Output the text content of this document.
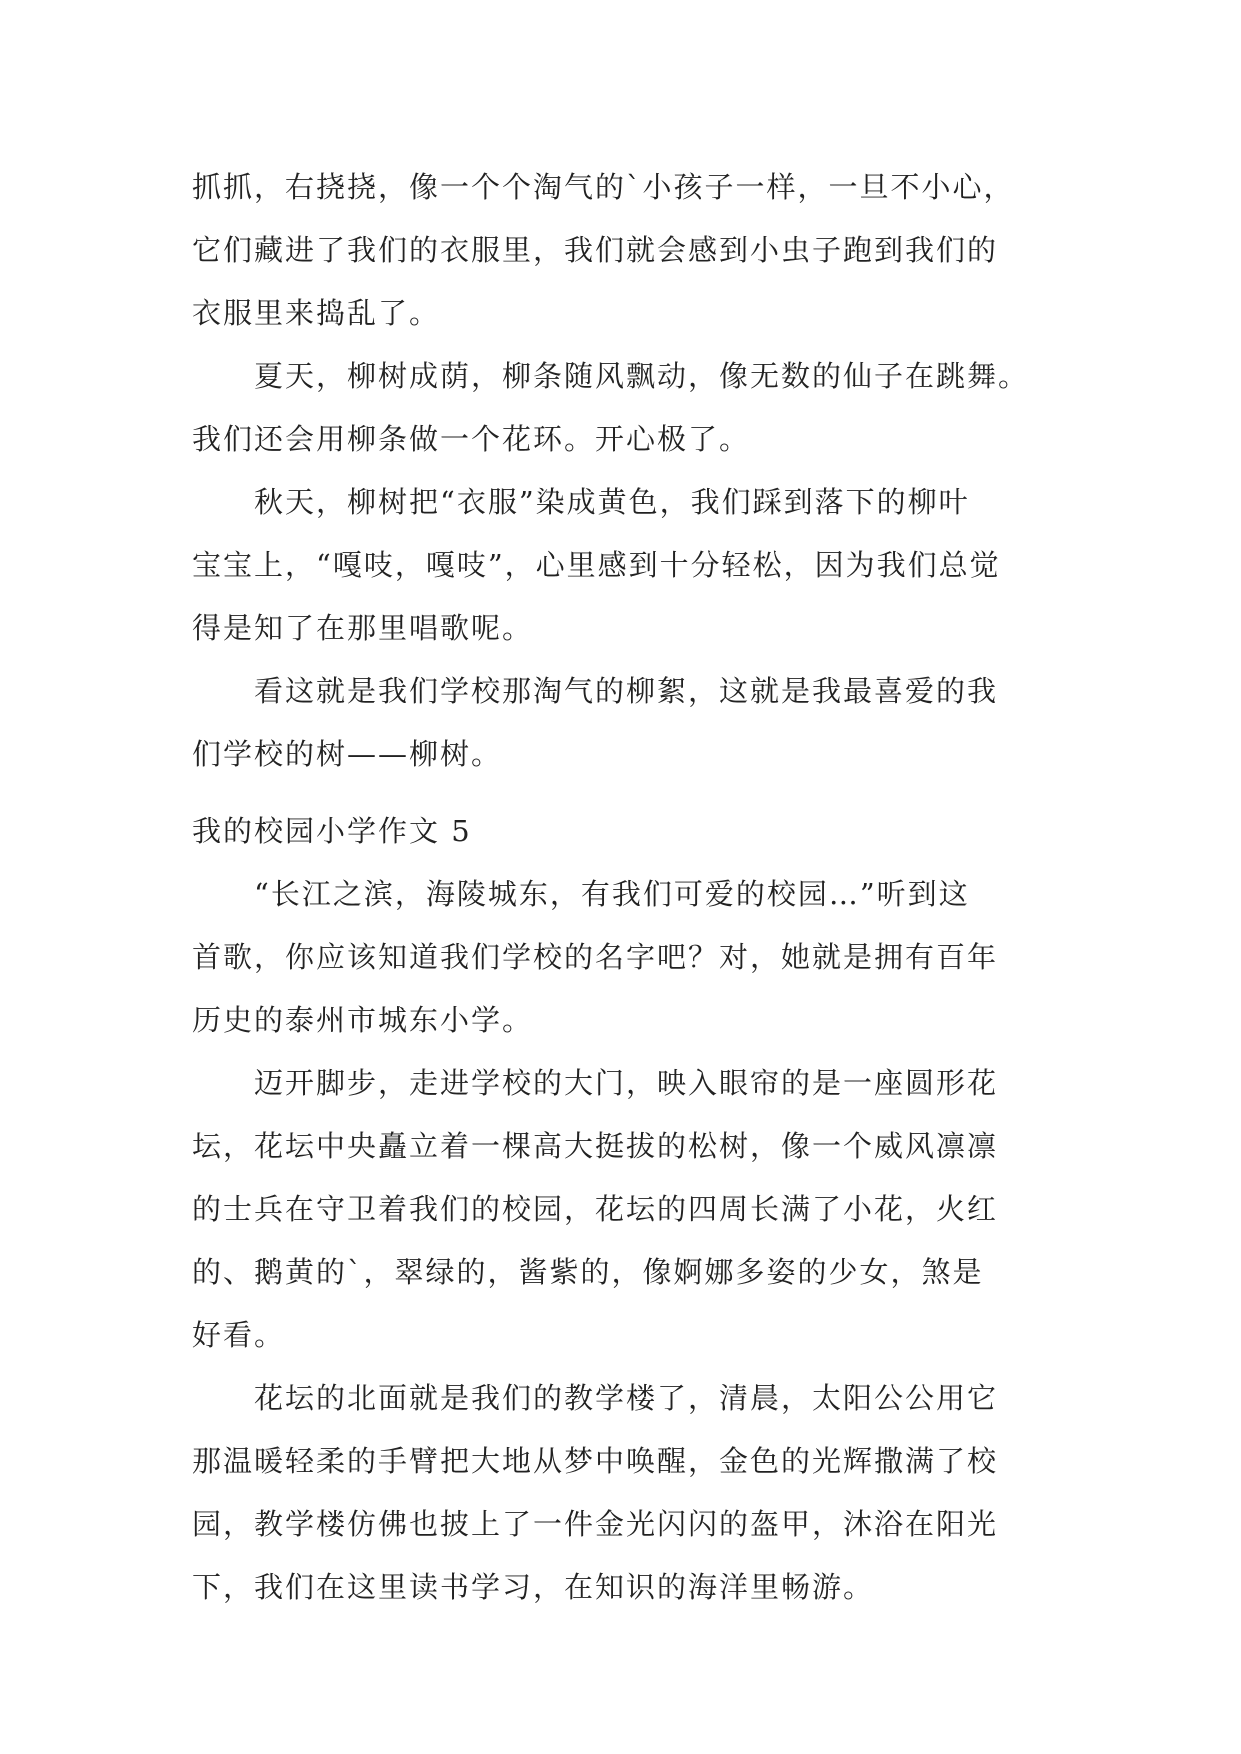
抓抓，右挠挠，像一个个淘气的`小孩子一样，一旦不小心，
它们藏进了我们的衣服里，我们就会感到小虫子跑到我们的
衣服里来捣乱了。
夏天，柳树成荫，柳条随风飘动，像无数的仙子在跳舞。
我们还会用柳条做一个花环。开心极了。
秋天，柳树把“衣服”染成黄色，我们踩到落下的柳叶
宝宝上，“嘎吱，嘎吱”，心里感到十分轻松，因为我们总觉
得是知了在那里唱歌呢。
看这就是我们学校那淘气的柳絮，这就是我最喜爱的我
们学校的树——柳树。
我的校园小学作文 5
“长江之滨，海陵城东，有我们可爱的校园…”听到这
首歌，你应该知道我们学校的名字吧？对，她就是拥有百年
历史的泰州市城东小学。
迈开脚步，走进学校的大门，映入眼帘的是一座圆形花
坛，花坛中央矗立着一棵高大挺拔的松树，像一个威风凛凛
的士兵在守卫着我们的校园，花坛的四周长满了小花，火红
的、鹅黄的`，翠绿的，酱紫的，像婀娜多姿的少女，煞是
好看。
花坛的北面就是我们的教学楼了，清晨，太阳公公用它
那温暖轻柔的手臂把大地从梦中唤醒，金色的光辉撒满了校
园，教学楼仿佛也披上了一件金光闪闪的盔甲，沐浴在阳光
下，我们在这里读书学习，在知识的海洋里畅游。
